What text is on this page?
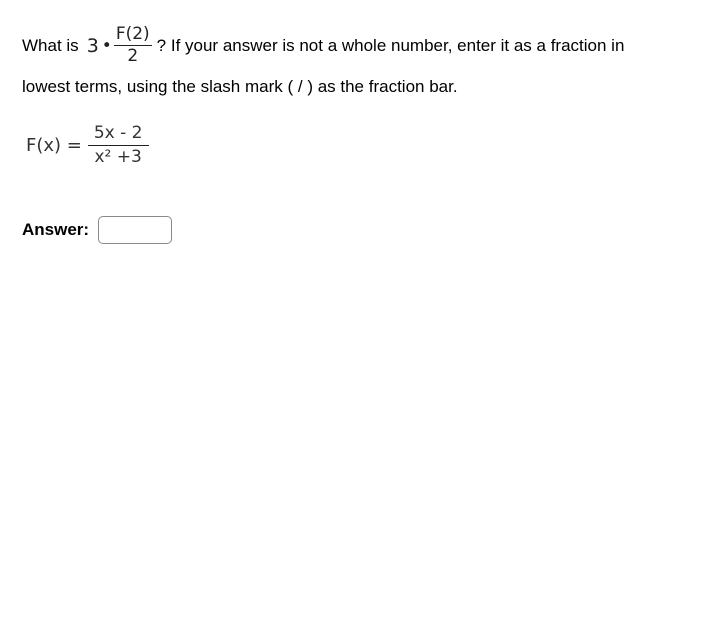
What is 3 • $\frac{F(2)}{2}$ ? If your answer is not a whole number, enter it as a fraction in
lowest terms, using the slash mark ( / ) as the fraction bar.
$F(x) = \frac{5x - 2}{\text{x² +3}}$
Answer:
